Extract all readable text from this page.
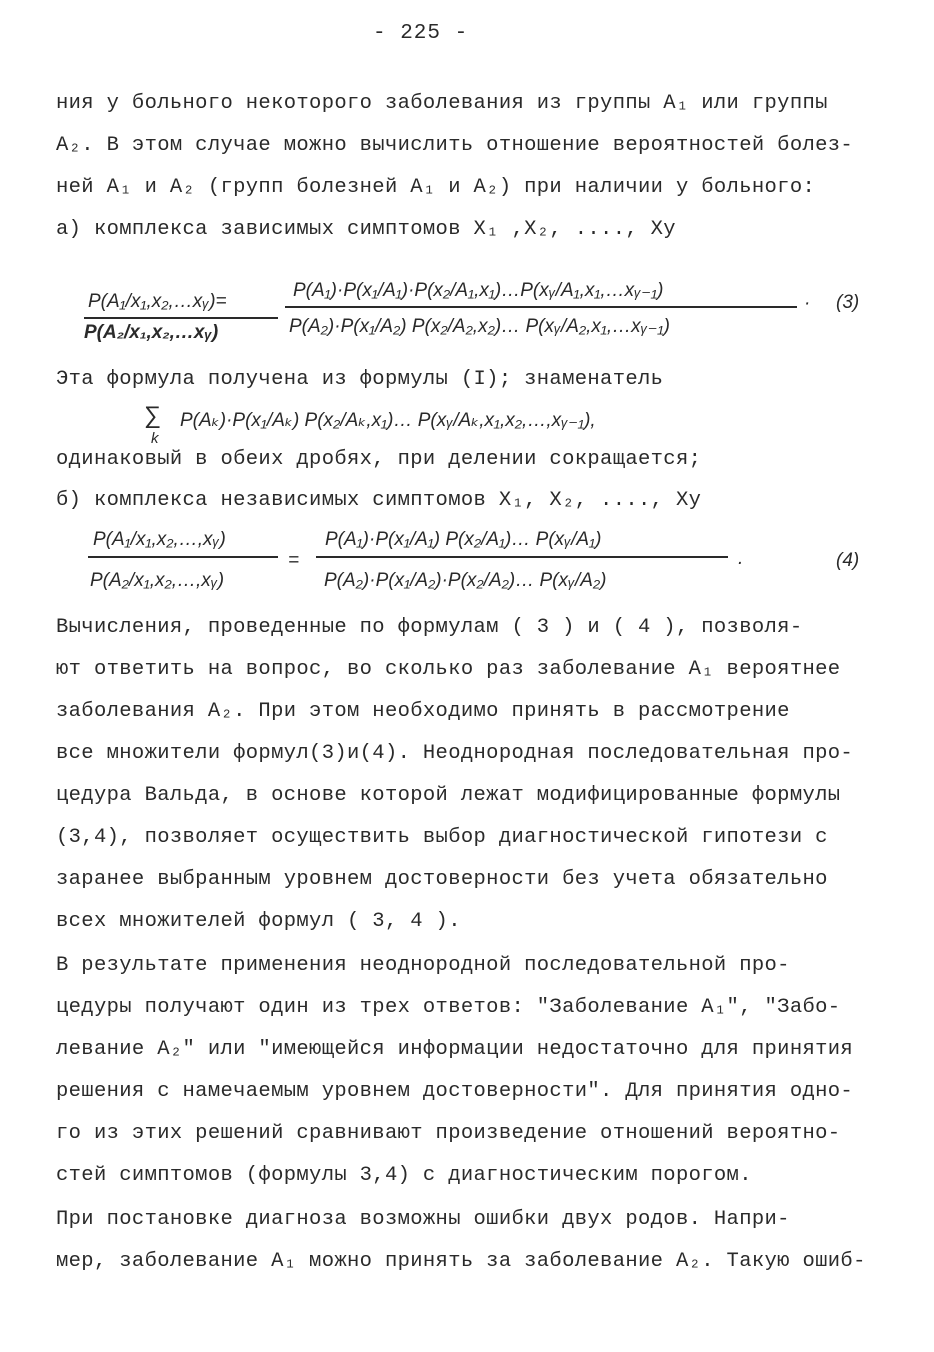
- 225 -
ния у больного некоторого заболевания из группы A₁ или группы
A₂. В этом случае можно вычислить отношение вероятностей болез-
ней A₁ и A₂ (групп болезней A₁ и A₂) при наличии у больного:
а) комплекса зависимых симптомов X₁ ,X₂, ...., Xy
P(A₁/x₁,x₂,…xᵧ)=
P(A₂/x₁,x₂,…xᵧ)
P(A₁)·P(x₁/A₁)·P(x₂/A₁,x₁)…P(xᵧ/A₁,x₁,…xᵧ₋₁)
P(A₂)·P(x₁/A₂) P(x₂/A₂,x₂)… P(xᵧ/A₂,x₁,…xᵧ₋₁)
· (3)
Эта формула получена из формулы (I); знаменатель
∑
k
P(Aₖ)·P(x₁/Aₖ) P(x₂/Aₖ,x₁)… P(xᵧ/Aₖ,x₁,x₂,…,xᵧ₋₁),
одинаковый в обеих дробях, при делении сокращается;
б) комплекса независимых симптомов X₁, X₂, ...., Xy
P(A₁/x₁,x₂,…,xᵧ)
P(A₂/x₁,x₂,…,xᵧ)
=
P(A₁)·P(x₁/A₁) P(x₂/A₁)… P(xᵧ/A₁)
P(A₂)·P(x₁/A₂)·P(x₂/A₂)… P(xᵧ/A₂)
.	(4)
Вычисления, проведенные по формулам ( 3 ) и ( 4 ), позволя-
ют ответить на вопрос, во сколько раз заболевание A₁ вероятнее
заболевания A₂. При этом необходимо принять в рассмотрение
все множители формул(3)и(4). Неоднородная последовательная про-
цедура Вальда, в основе которой лежат модифицированные формулы
(3,4), позволяет осуществить выбор диагностической гипотези с
заранее выбранным уровнем достоверности без учета обязательно
всех множителей формул ( 3, 4 ).
В результате применения неоднородной последовательной про-
цедуры получают один из трех ответов: "Заболевание A₁", "Забо-
левание A₂" или "имеющейся информации недостаточно для принятия
решения с намечаемым уровнем достоверности". Для принятия одно-
го из этих решений сравнивают произведение отношений вероятно-
стей симптомов (формулы 3,4) с диагностическим порогом.
При постановке диагноза возможны ошибки двух родов. Напри-
мер, заболевание A₁ можно принять за заболевание A₂. Такую ошиб-
